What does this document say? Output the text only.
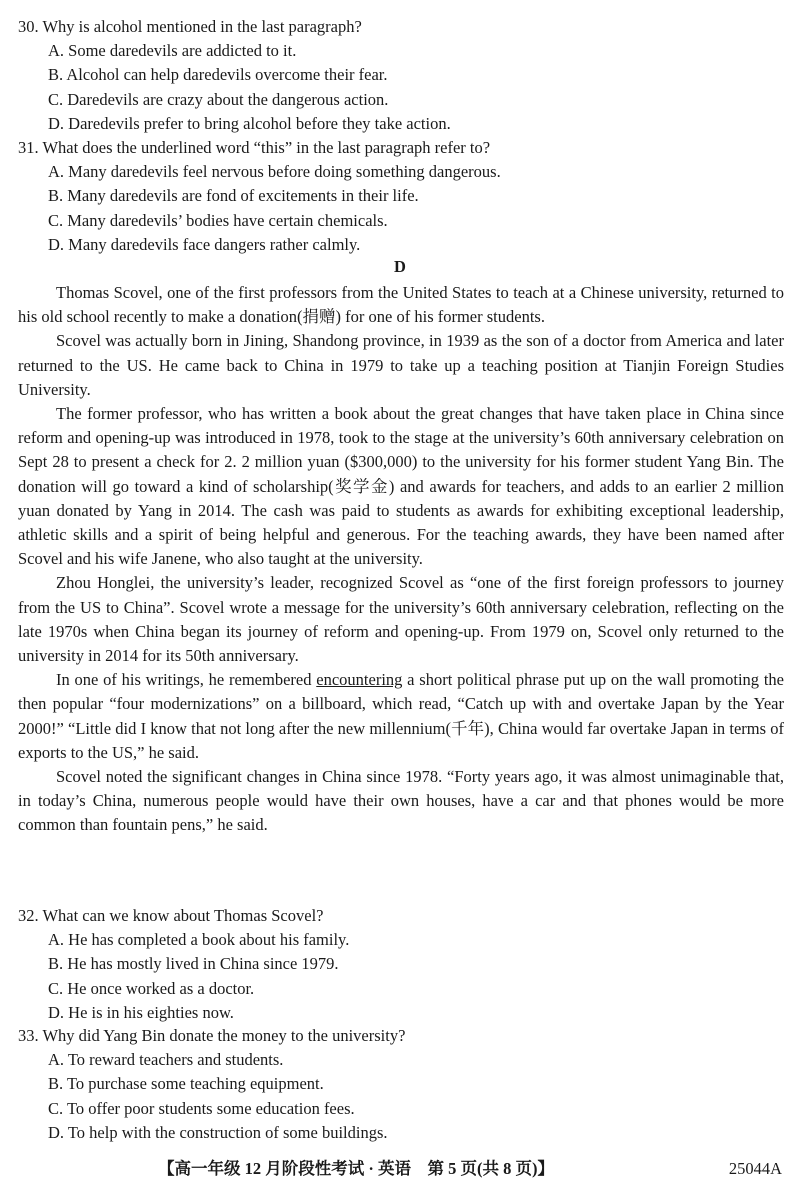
30. Why is alcohol mentioned in the last paragraph?
A. Some daredevils are addicted to it.
B. Alcohol can help daredevils overcome their fear.
C. Daredevils are crazy about the dangerous action.
D. Daredevils prefer to bring alcohol before they take action.
31. What does the underlined word “this” in the last paragraph refer to?
A. Many daredevils feel nervous before doing something dangerous.
B. Many daredevils are fond of excitements in their life.
C. Many daredevils’ bodies have certain chemicals.
D. Many daredevils face dangers rather calmly.
D

Thomas Scovel, one of the first professors from the United States to teach at a Chinese university, returned to his old school recently to make a donation(捐赠) for one of his former students.

Scovel was actually born in Jining, Shandong province, in 1939 as the son of a doctor from America and later returned to the US. He came back to China in 1979 to take up a teaching position at Tianjin Foreign Studies University.

The former professor, who has written a book about the great changes that have taken place in China since reform and opening-up was introduced in 1978, took to the stage at the university’s 60th anniversary celebration on Sept 28 to present a check for 2. 2 million yuan ($300,000) to the university for his former student Yang Bin. The donation will go toward a kind of scholarship(奖学金) and awards for teachers, and adds to an earlier 2 million yuan donated by Yang in 2014. The cash was paid to students as awards for exhibiting exceptional leadership, athletic skills and a spirit of being helpful and generous. For the teaching awards, they have been named after Scovel and his wife Janene, who also taught at the university.

Zhou Honglei, the university’s leader, recognized Scovel as “one of the first foreign professors to journey from the US to China”. Scovel wrote a message for the university’s 60th anniversary celebration, reflecting on the late 1970s when China began its journey of reform and opening-up. From 1979 on, Scovel only returned to the university in 2014 for its 50th anniversary.

In one of his writings, he remembered encountering a short political phrase put up on the wall promoting the then popular “four modernizations” on a billboard, which read, “Catch up with and overtake Japan by the Year 2000!” “Little did I know that not long after the new millennium(千年), China would far overtake Japan in terms of exports to the US,” he said.

Scovel noted the significant changes in China since 1978. “Forty years ago, it was almost unimaginable that, in today’s China, numerous people would have their own houses, have a car and that phones would be more common than fountain pens,” he said.

32. What can we know about Thomas Scovel?
A. He has completed a book about his family.
B. He has mostly lived in China since 1979.
C. He once worked as a doctor.
D. He is in his eighties now.
33. Why did Yang Bin donate the money to the university?
A. To reward teachers and students.
B. To purchase some teaching equipment.
C. To offer poor students some education fees.
D. To help with the construction of some buildings.
【高一年级 12 月阶段性考试 · 英语　第 5 页(共 8 页)】	25044A
